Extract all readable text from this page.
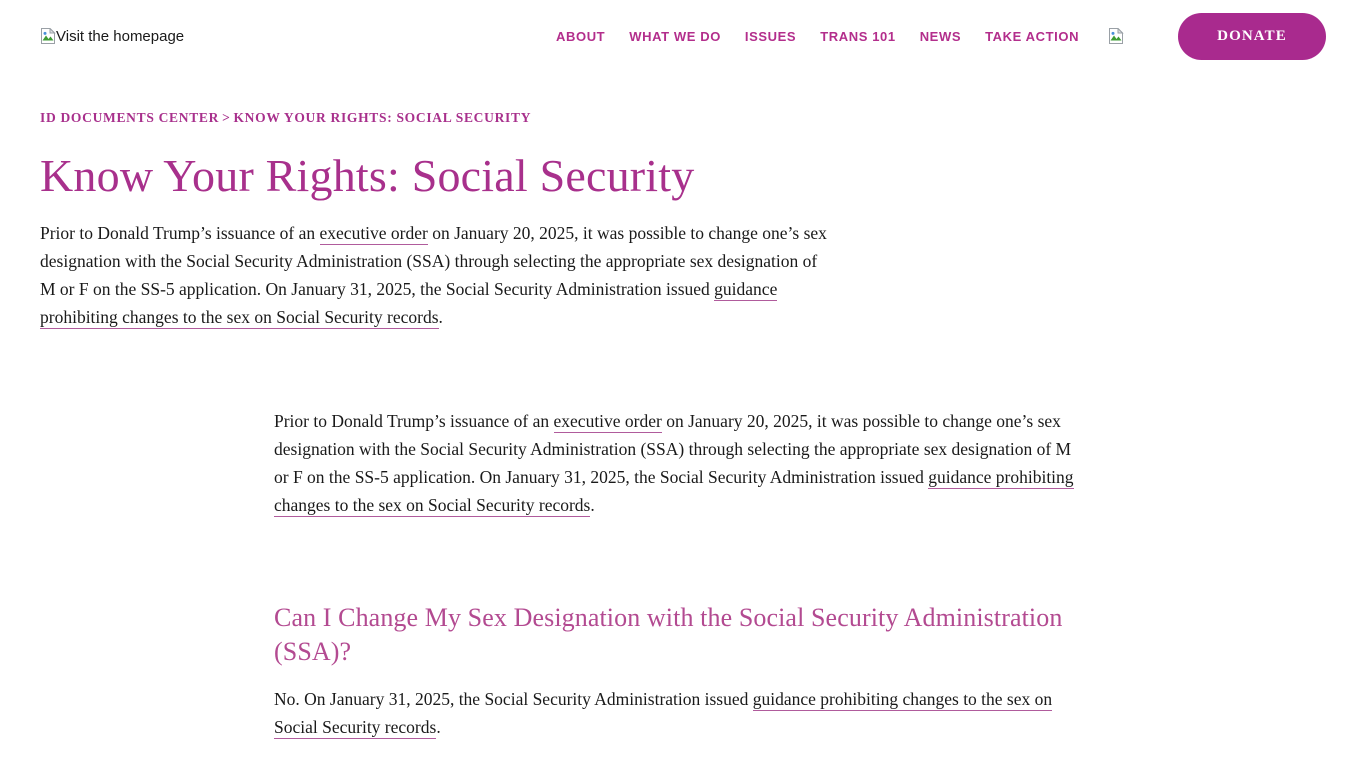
Visit the homepage	ABOUT	WHAT WE DO	ISSUES	TRANS 101	NEWS	TAKE ACTION	DONATE
ID DOCUMENTS CENTER > KNOW YOUR RIGHTS: SOCIAL SECURITY
Know Your Rights: Social Security

Prior to Donald Trump’s issuance of an executive order on January 20, 2025, it was possible to change one’s sex designation with the Social Security Administration (SSA) through selecting the appropriate sex designation of M or F on the SS-5 application. On January 31, 2025, the Social Security Administration issued guidance prohibiting changes to the sex on Social Security records.

Prior to Donald Trump’s issuance of an executive order on January 20, 2025, it was possible to change one’s sex designation with the Social Security Administration (SSA) through selecting the appropriate sex designation of M or F on the SS-5 application. On January 31, 2025, the Social Security Administration issued guidance prohibiting changes to the sex on Social Security records.

Can I Change My Sex Designation with the Social Security Administration (SSA)?

No. On January 31, 2025, the Social Security Administration issued guidance prohibiting changes to the sex on Social Security records.
